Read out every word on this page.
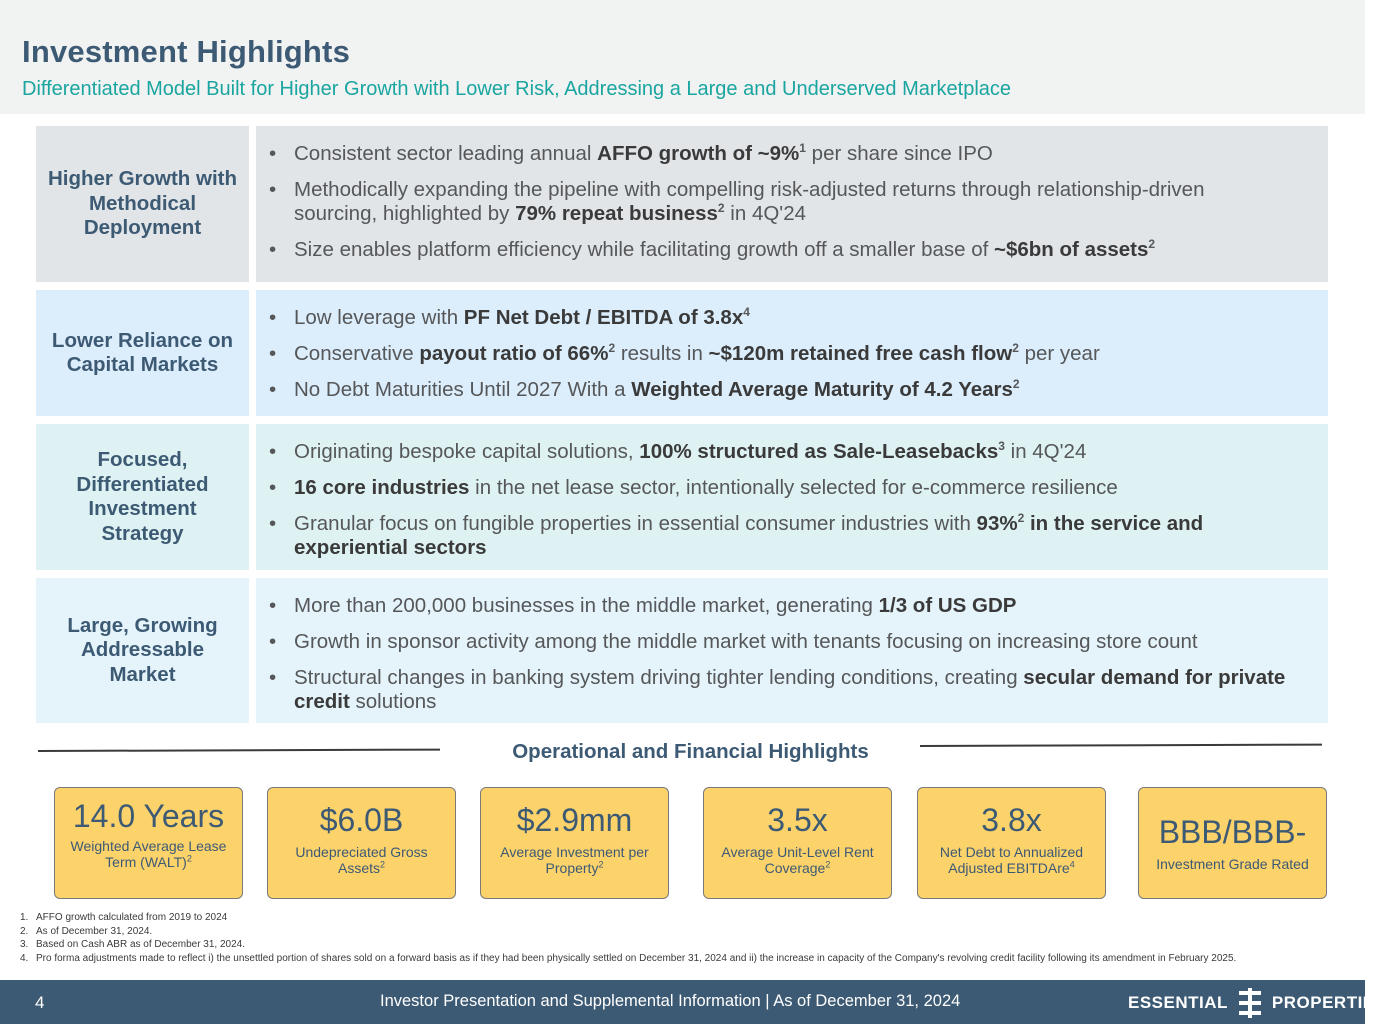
Investment Highlights
Differentiated Model Built for Higher Growth with Lower Risk, Addressing a Large and Underserved Marketplace
Higher Growth with Methodical Deployment
• Consistent sector leading annual AFFO growth of ~9%$^1$ per share since IPO
• Methodically expanding the pipeline with compelling risk-adjusted returns through relationship-driven sourcing, highlighted by 79% repeat business$^2$ in 4Q'24
• Size enables platform efficiency while facilitating growth off a smaller base of ~$6bn of assets$^2$
Lower Reliance on Capital Markets
• Low leverage with PF Net Debt / EBITDA of $3.8x^4$
• Conservative payout ratio of 66%$^2$ results in ~$120m retained free cash flow$^2$ per year
• No Debt Maturities Until 2027 With a Weighted Average Maturity of 4.2 Years$^2$
Focused, Differentiated Investment Strategy
• Originating bespoke capital solutions, 100% structured as Sale-Leasebacks$^3$ in 4Q'24
• 16 core industries in the net lease sector, intentionally selected for e-commerce resilience
• Granular focus on fungible properties in essential consumer industries with 93%$^2$ in the service and experiential sectors
Large, Growing Addressable Market
• More than 200,000 businesses in the middle market, generating 1/3 of US GDP
• Growth in sponsor activity among the middle market with tenants focusing on increasing store count
• Structural changes in banking system driving tighter lending conditions, creating secular demand for private credit solutions
Operational and Financial Highlights
14.0 Years
Weighted Average Lease Term (WALT)$^2$
$6.0B
Undepreciated Gross Assets$^2$
$2.9mm
Average Investment per Property$^2$
3.5x
Average Unit-Level Rent Coverage$^2$
3.8x
Net Debt to Annualized Adjusted EBITDAre$^4$
BBB/BBB-
Investment Grade Rated
1. AFFO growth calculated from 2019 to 2024
2. As of December 31, 2024.
3. Based on Cash ABR as of December 31, 2024.
4. Pro forma adjustments made to reflect i) the unsettled portion of shares sold on a forward basis as if they had been physically settled on December 31, 2024 and ii) the increase in capacity of the Company's revolving credit facility following its amendment in February 2025.
4	Investor Presentation and Supplemental Information | As of December 31, 2024	ESSENTIAL	PROPERTIES
